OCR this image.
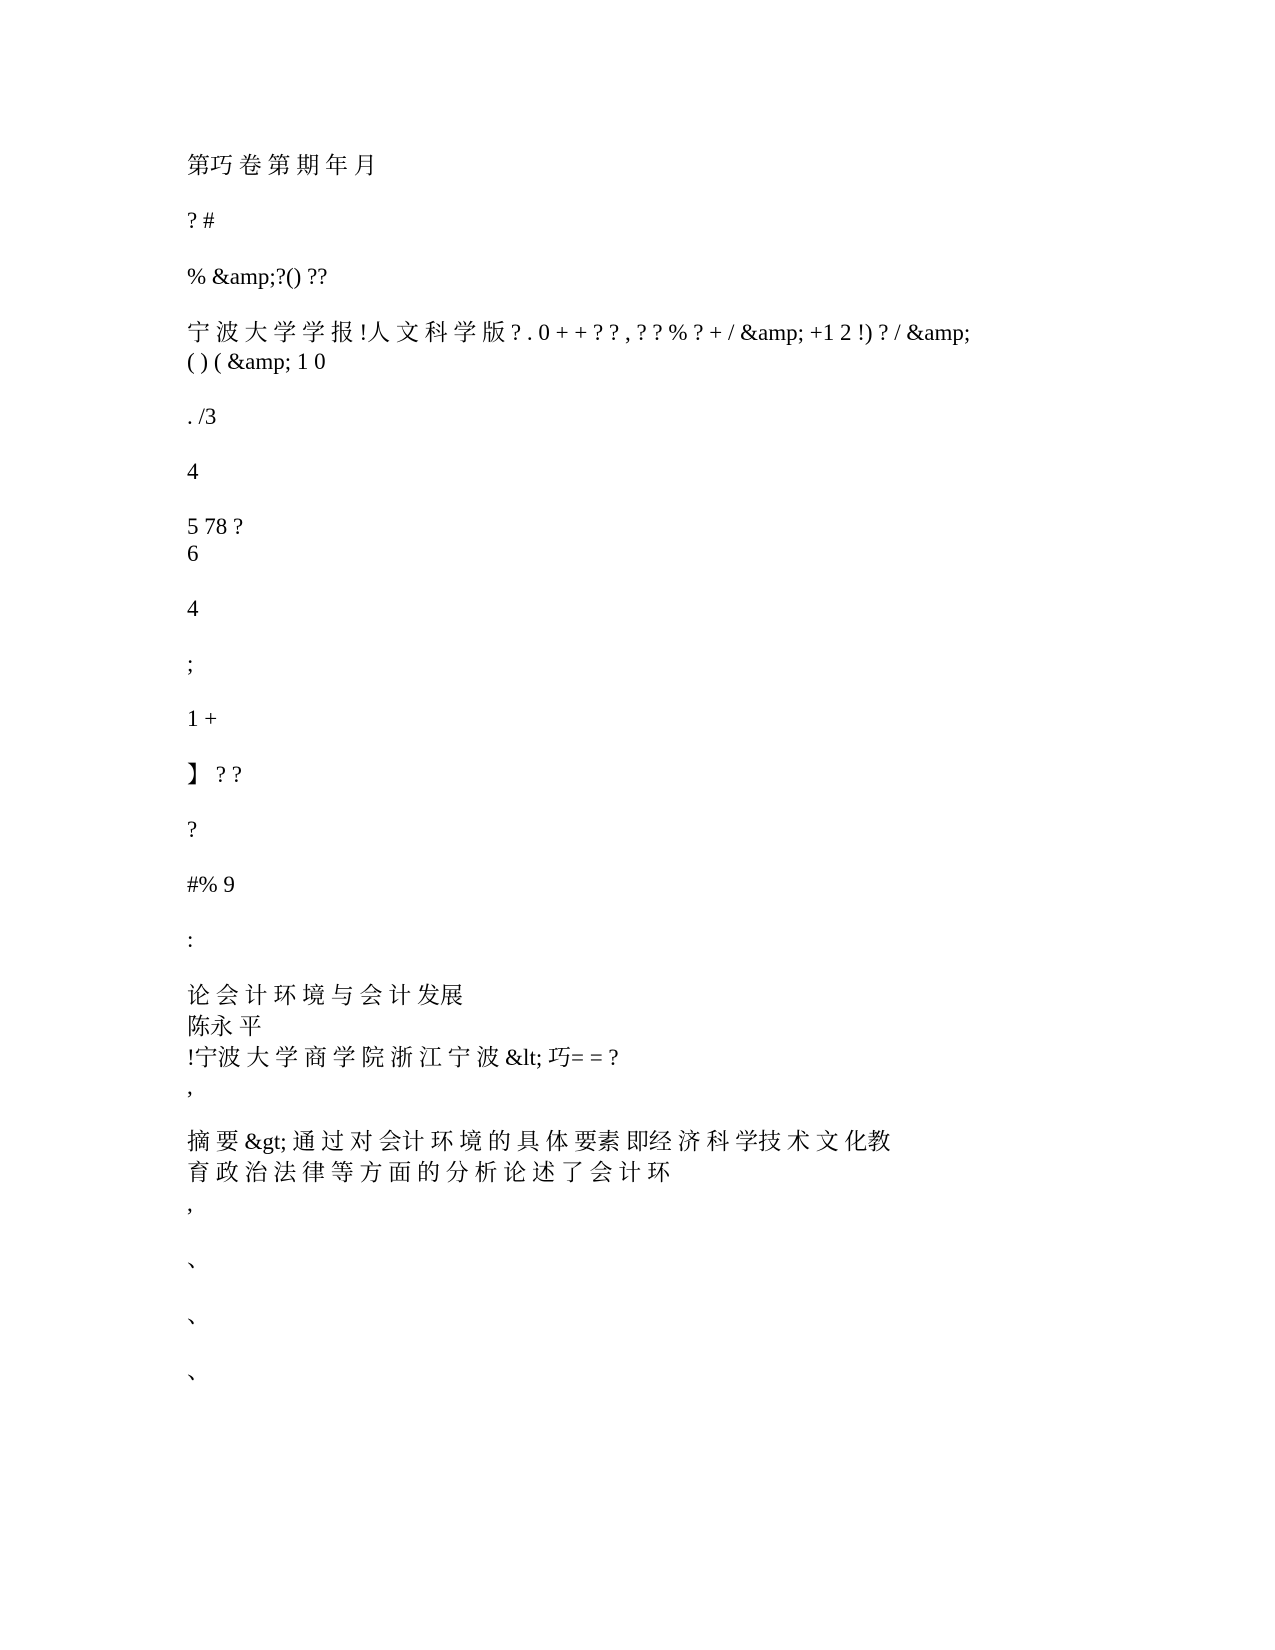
第巧 卷 第 期 年 月

? #

% &amp;?() ??

宁 波 大 学 学 报 !人 文 科 学 版 ? . 0 + + ? ? , ? ? % ? + / &amp; +1 2 !) ? / &amp;

( ) ( &amp; 1 0

. /3

4

5 78 ?

6

4

;

1 +

】 ? ?

?

#% 9

:

论 会 计 环 境 与 会 计 发展

陈永 平

!宁波 大 学 商 学 院 浙 江 宁 波 &lt; 巧= = ?

,

摘 要 &gt; 通 过 对 会计 环 境 的 具 体 要素 即经 济 科 学技 术 文 化教

育 政 治 法 律 等 方 面 的 分 析 论 述 了 会 计 环

,

、

、

、
